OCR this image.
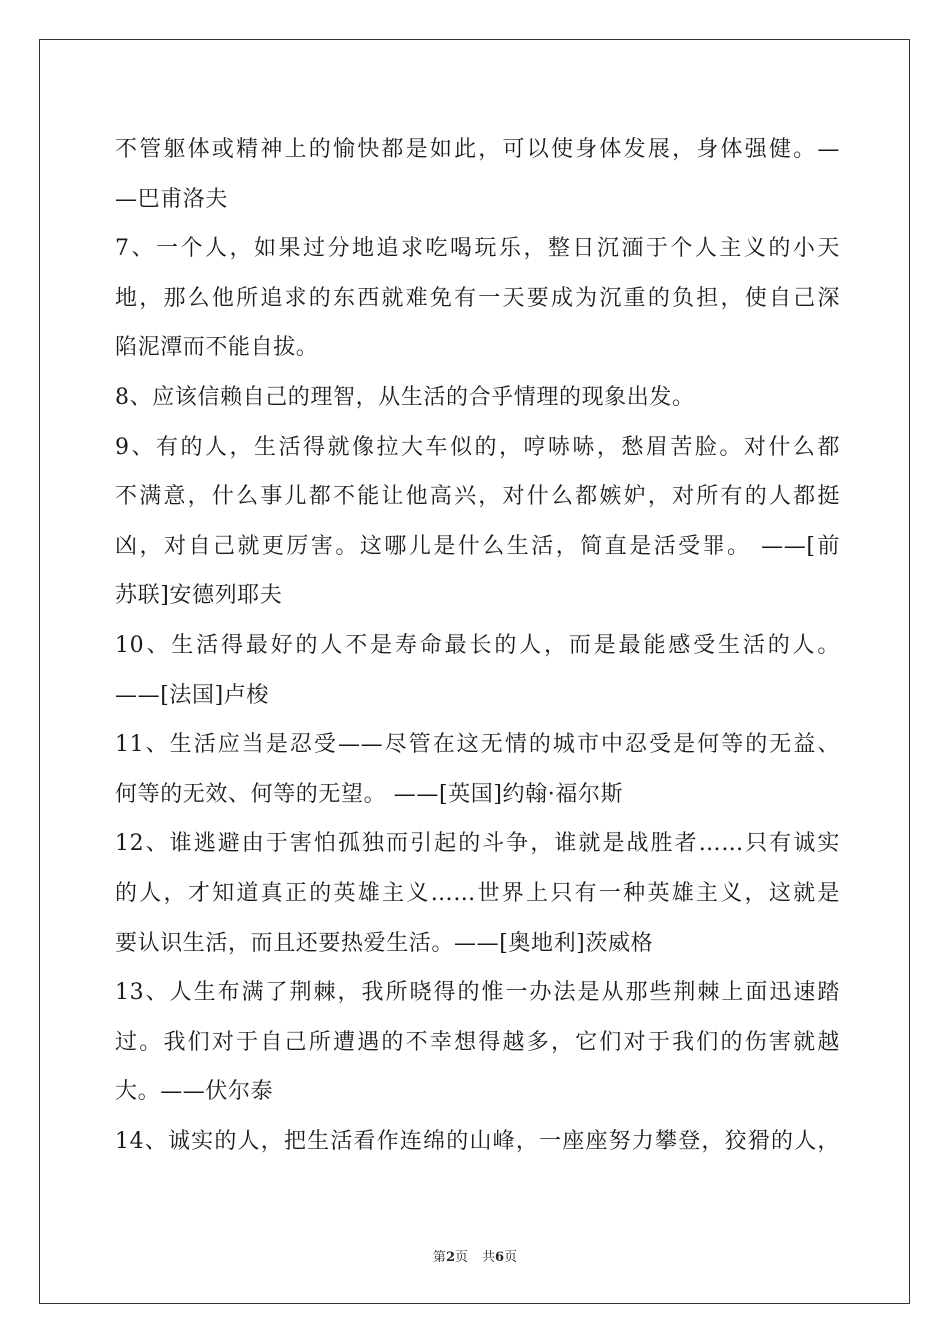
不管躯体或精神上的愉快都是如此，可以使身体发展，身体强健。—
—巴甫洛夫
7、一个人，如果过分地追求吃喝玩乐，整日沉湎于个人主义的小天
地，那么他所追求的东西就难免有一天要成为沉重的负担，使自己深
陷泥潭而不能自拔。
8、应该信赖自己的理智，从生活的合乎情理的现象出发。
9、有的人，生活得就像拉大车似的，哼哧哧，愁眉苦脸。对什么都
不满意，什么事儿都不能让他高兴，对什么都嫉妒，对所有的人都挺
凶，对自己就更厉害。这哪儿是什么生活，简直是活受罪。 ——[前
苏联]安德列耶夫
10、生活得最好的人不是寿命最长的人，而是最能感受生活的人。
——[法国]卢梭
11、生活应当是忍受——尽管在这无情的城市中忍受是何等的无益、
何等的无效、何等的无望。 ——[英国]约翰·福尔斯
12、谁逃避由于害怕孤独而引起的斗争，谁就是战胜者……只有诚实
的人，才知道真正的英雄主义……世界上只有一种英雄主义，这就是
要认识生活，而且还要热爱生活。——[奥地利]茨威格
13、人生布满了荆棘，我所晓得的惟一办法是从那些荆棘上面迅速踏
过。我们对于自己所遭遇的不幸想得越多，它们对于我们的伤害就越
大。——伏尔泰
14、诚实的人，把生活看作连绵的山峰，一座座努力攀登，狡猾的人，
第2页 共6页
